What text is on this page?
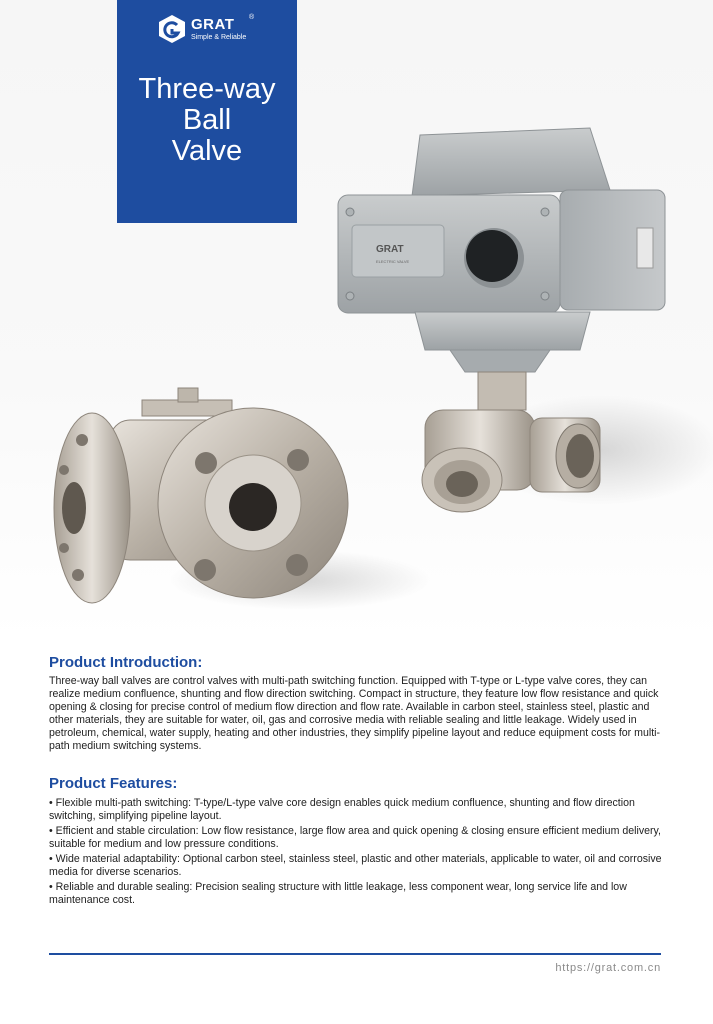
GRAT
ELECTRIC VALVE
GRAT ®
Simple & Reliable
Three-way
Ball
Valve
Product Introduction:
Three-way ball valves are control valves with multi-path switching function. Equipped with T-type or L-type valve cores, they can realize medium confluence, shunting and flow direction switching. Compact in structure, they feature low flow resistance and quick opening & closing for precise control of medium flow direction and flow rate. Available in carbon steel, stainless steel, plastic and other materials, they are suitable for water, oil, gas and corrosive media with reliable sealing and little leakage. Widely used in petroleum, chemical, water supply, heating and other industries, they simplify pipeline layout and reduce equipment costs for multi-path medium switching systems.
Product Features:
• Flexible multi-path switching: T-type/L-type valve core design enables quick medium confluence, shunting and flow direction switching, simplifying pipeline layout.
• Efficient and stable circulation: Low flow resistance, large flow area and quick opening & closing ensure efficient medium delivery, suitable for medium and low pressure conditions.
• Wide material adaptability: Optional carbon steel, stainless steel, plastic and other materials, applicable to water, oil and corrosive media for diverse scenarios.
• Reliable and durable sealing: Precision sealing structure with little leakage, less component wear, long service life and low maintenance cost.
https://grat.com.cn
